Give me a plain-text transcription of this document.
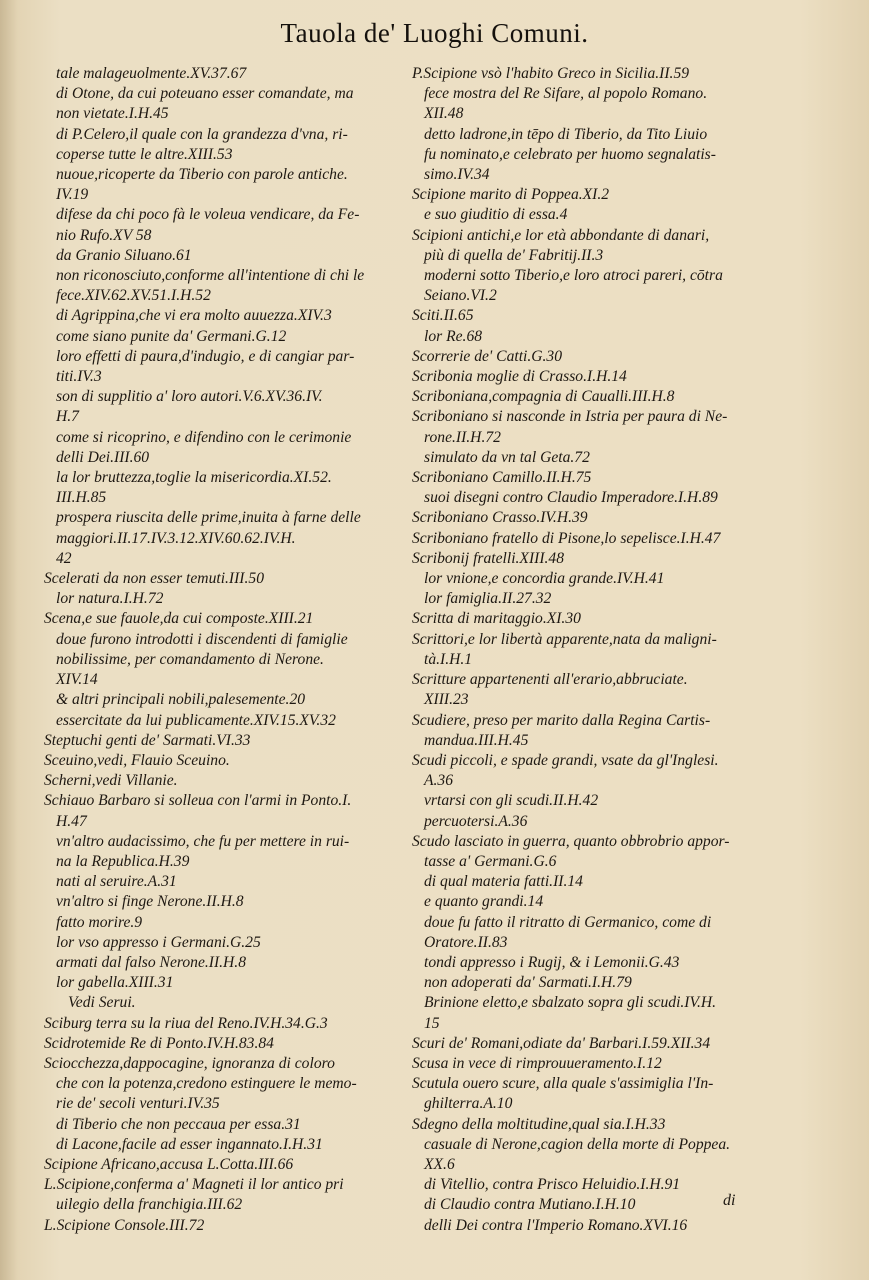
Tauola de' Luoghi Comuni.
tale malageuolmente.XV.37.67
di Otone, da cui poteuano esser comandate, ma
non vietate.I.H.45
di P.Celero,il quale con la grandezza d'vna, ri-
coperse tutte le altre.XIII.53
nuoue,ricoperte da Tiberio con parole antiche.
IV.19
difese da chi poco fà le voleua vendicare, da Fe-
nio Rufo.XV 58
da Granio Siluano.61
non riconosciuto,conforme all'intentione di chi le
fece.XIV.62.XV.51.I.H.52
di Agrippina,che vi era molto auuezza.XIV.3
come siano punite da' Germani.G.12
loro effetti di paura,d'indugio, e di cangiar par-
titi.IV.3
son di supplitio a' loro autori.V.6.XV.36.IV.
H.7
come si ricoprino, e difendino con le cerimonie
delli Dei.III.60
la lor bruttezza,toglie la misericordia.XI.52.
III.H.85
prospera riuscita delle prime,inuita à farne delle
maggiori.II.17.IV.3.12.XIV.60.62.IV.H.
42
Scelerati da non esser temuti.III.50
lor natura.I.H.72
Scena,e sue fauole,da cui composte.XIII.21
doue furono introdotti i discendenti di famiglie
nobilissime, per comandamento di Nerone.
XIV.14
& altri principali nobili,palesemente.20
essercitate da lui publicamente.XIV.15.XV.32
Steptuchi genti de' Sarmati.VI.33
Sceuino,vedi, Flauio Sceuino.
Scherni,vedi Villanie.
Schiauo Barbaro si solleua con l'armi in Ponto.I.
H.47
vn'altro audacissimo, che fu per mettere in rui-
na la Republica.H.39
nati al seruire.A.31
vn'altro si finge Nerone.II.H.8
fatto morire.9
lor vso appresso i Germani.G.25
armati dal falso Nerone.II.H.8
lor gabella.XIII.31
Vedi Serui.
Sciburg terra su la riua del Reno.IV.H.34.G.3
Scidrotemide Re di Ponto.IV.H.83.84
Sciocchezza,dappocagine, ignoranza di coloro
che con la potenza,credono estinguere le memo-
rie de' secoli venturi.IV.35
di Tiberio che non peccaua per essa.31
di Lacone,facile ad esser ingannato.I.H.31
Scipione Africano,accusa L.Cotta.III.66
L.Scipione,conferma a' Magneti il lor antico pri
uilegio della franchigia.III.62
L.Scipione Console.III.72
P.Scipione vsò l'habito Greco in Sicilia.II.59
fece mostra del Re Sifare, al popolo Romano.
XII.48
detto ladrone,in tēpo di Tiberio, da Tito Liuio
fu nominato,e celebrato per huomo segnalatis-
simo.IV.34
Scipione marito di Poppea.XI.2
e suo giuditio di essa.4
Scipioni antichi,e lor età abbondante di danari,
più di quella de' Fabritij.II.3
moderni sotto Tiberio,e loro atroci pareri, cōtra
Seiano.VI.2
Sciti.II.65
lor Re.68
Scorrerie de' Catti.G.30
Scribonia moglie di Crasso.I.H.14
Scriboniana,compagnia di Caualli.III.H.8
Scriboniano si nasconde in Istria per paura di Ne-
rone.II.H.72
simulato da vn tal Geta.72
Scriboniano Camillo.II.H.75
suoi disegni contro Claudio Imperadore.I.H.89
Scriboniano Crasso.IV.H.39
Scriboniano fratello di Pisone,lo sepelisce.I.H.47
Scribonij fratelli.XIII.48
lor vnione,e concordia grande.IV.H.41
lor famiglia.II.27.32
Scritta di maritaggio.XI.30
Scrittori,e lor libertà apparente,nata da maligni-
tà.I.H.1
Scritture appartenenti all'erario,abbruciate.
XIII.23
Scudiere, preso per marito dalla Regina Cartis-
mandua.III.H.45
Scudi piccoli, e spade grandi, vsate da gl'Inglesi.
A.36
vrtarsi con gli scudi.II.H.42
percuotersi.A.36
Scudo lasciato in guerra, quanto obbrobrio appor-
tasse a' Germani.G.6
di qual materia fatti.II.14
e quanto grandi.14
doue fu fatto il ritratto di Germanico, come di
Oratore.II.83
tondi appresso i Rugij, & i Lemonii.G.43
non adoperati da' Sarmati.I.H.79
Brinione eletto,e sbalzato sopra gli scudi.IV.H.
15
Scuri de' Romani,odiate da' Barbari.I.59.XII.34
Scusa in vece di rimprouueramento.I.12
Scutula ouero scure, alla quale s'assimiglia l'In-
ghilterra.A.10
Sdegno della moltitudine,qual sia.I.H.33
casuale di Nerone,cagion della morte di Poppea.
XX.6
di Vitellio, contra Prisco Heluidio.I.H.91
di Claudio contra Mutiano.I.H.10
delli Dei contra l'Imperio Romano.XVI.16
di
